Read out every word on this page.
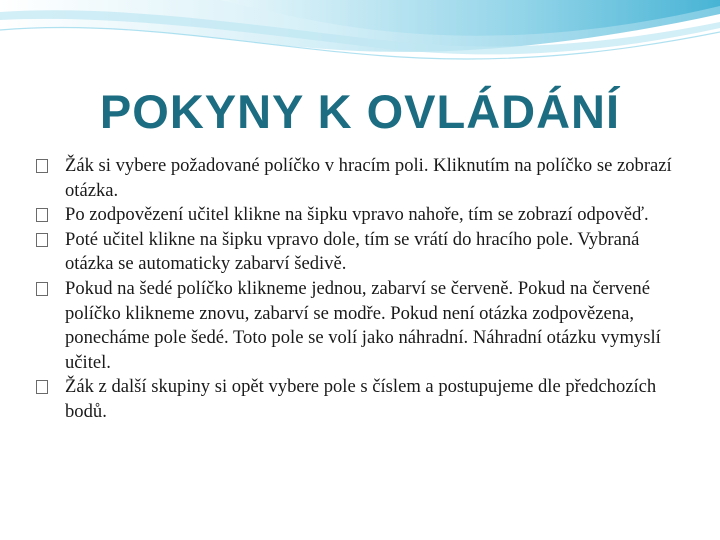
POKYNY K OVLÁDÁNÍ
Žák si vybere požadované políčko v hracím poli. Kliknutím na políčko se zobrazí otázka.
Po zodpovězení učitel klikne na šipku vpravo nahoře, tím se zobrazí odpověď.
Poté učitel klikne na šipku vpravo dole, tím se vrátí do hracího pole. Vybraná otázka se automaticky zabarví šedivě.
Pokud na šedé políčko klikneme jednou, zabarví se červeně. Pokud na červené políčko klikneme znovu, zabarví se modře. Pokud není otázka zodpovězena, ponecháme pole šedé. Toto pole se volí jako náhradní. Náhradní otázku vymyslí učitel.
Žák z další skupiny si opět vybere pole s číslem a postupujeme dle předchozích bodů.
